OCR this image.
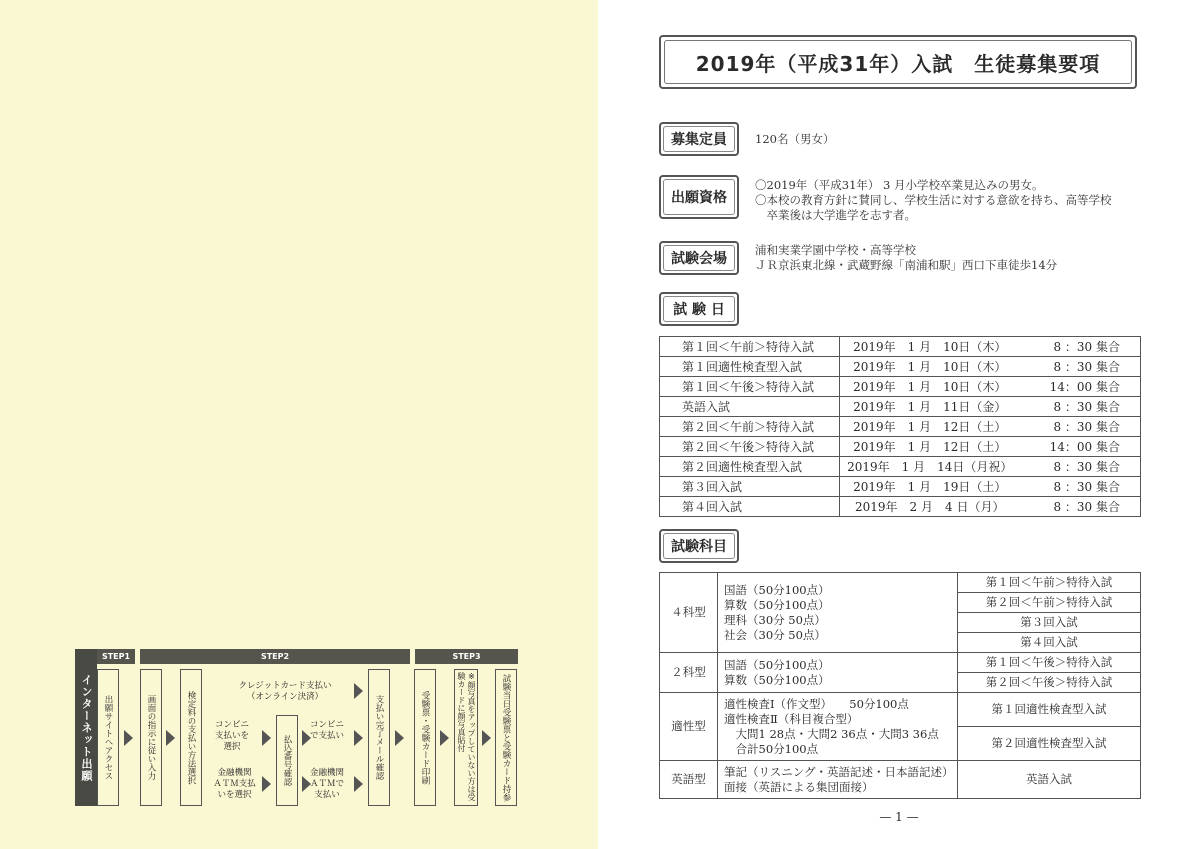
インターネット出願
STEP1	STEP2	STEP3
出願サイトへアクセス	画面の指示に従い入力	検定料の支払い方法選択
クレジットカード支払い
（オンライン決済）
コンビニ
支払いを
選択
金融機関
ＡＴＭ支払
いを選択
払込番号確認
コンビニ
で支払い
金融機関
ＡＴＭで
支払い
支払い完了メール確認	受験票・受験カード印刷	※顔写真をアップしていない方は受験カードに顔写真貼付	試験当日受験票と受験カード持参
2019年（平成31年）入試　生徒募集要項
募集定員 120名（男女）
出願資格
〇2019年（平成31年） 3 月小学校卒業見込みの男女。
〇本校の教育方針に賛同し、学校生活に対する意欲を持ち、高等学校
　卒業後は大学進学を志す者。
試験会場
浦和実業学園中学校・高等学校
ＪＲ京浜東北線・武蔵野線「南浦和駅」西口下車徒歩14分
試 験 日
第１回＜午前＞特待入試	2019年　1 月　10日（木）	8 ：30 集合
第１回適性検査型入試	2019年　1 月　10日（木）	8 ：30 集合
第１回＜午後＞特待入試	2019年　1 月　10日（木）	14：00 集合
英語入試	2019年　1 月　11日（金）	8 ：30 集合
第２回＜午前＞特待入試	2019年　1 月　12日（土）	8 ：30 集合
第２回＜午後＞特待入試	2019年　1 月　12日（土）	14：00 集合
第２回適性検査型入試	2019年　1 月　14日（月祝）	8 ：30 集合
第３回入試	2019年　1 月　19日（土）	8 ：30 集合
第４回入試	2019年　2 月　4 日（月）	8 ：30 集合
試験科目
４科型	国語（50分100点）
算数（50分100点）
理科（30分 50点）
社会（30分 50点）	第１回＜午前＞特待入試
		第２回＜午前＞特待入試
		第３回入試
		第４回入試
２科型	国語（50分100点）
算数（50分100点）	第１回＜午後＞特待入試
		第２回＜午後＞特待入試
適性型	適性検査Ⅰ（作文型）　　50分100点
適性検査Ⅱ（科目複合型）
　大問1 28点・大問2 36点・大問3 36点
　合計50分100点	第１回適性検査型入試
		第２回適性検査型入試
英語型	筆記（リスニング・英語記述・日本語記述）
面接（英語による集団面接）	英語入試
— 1 —
